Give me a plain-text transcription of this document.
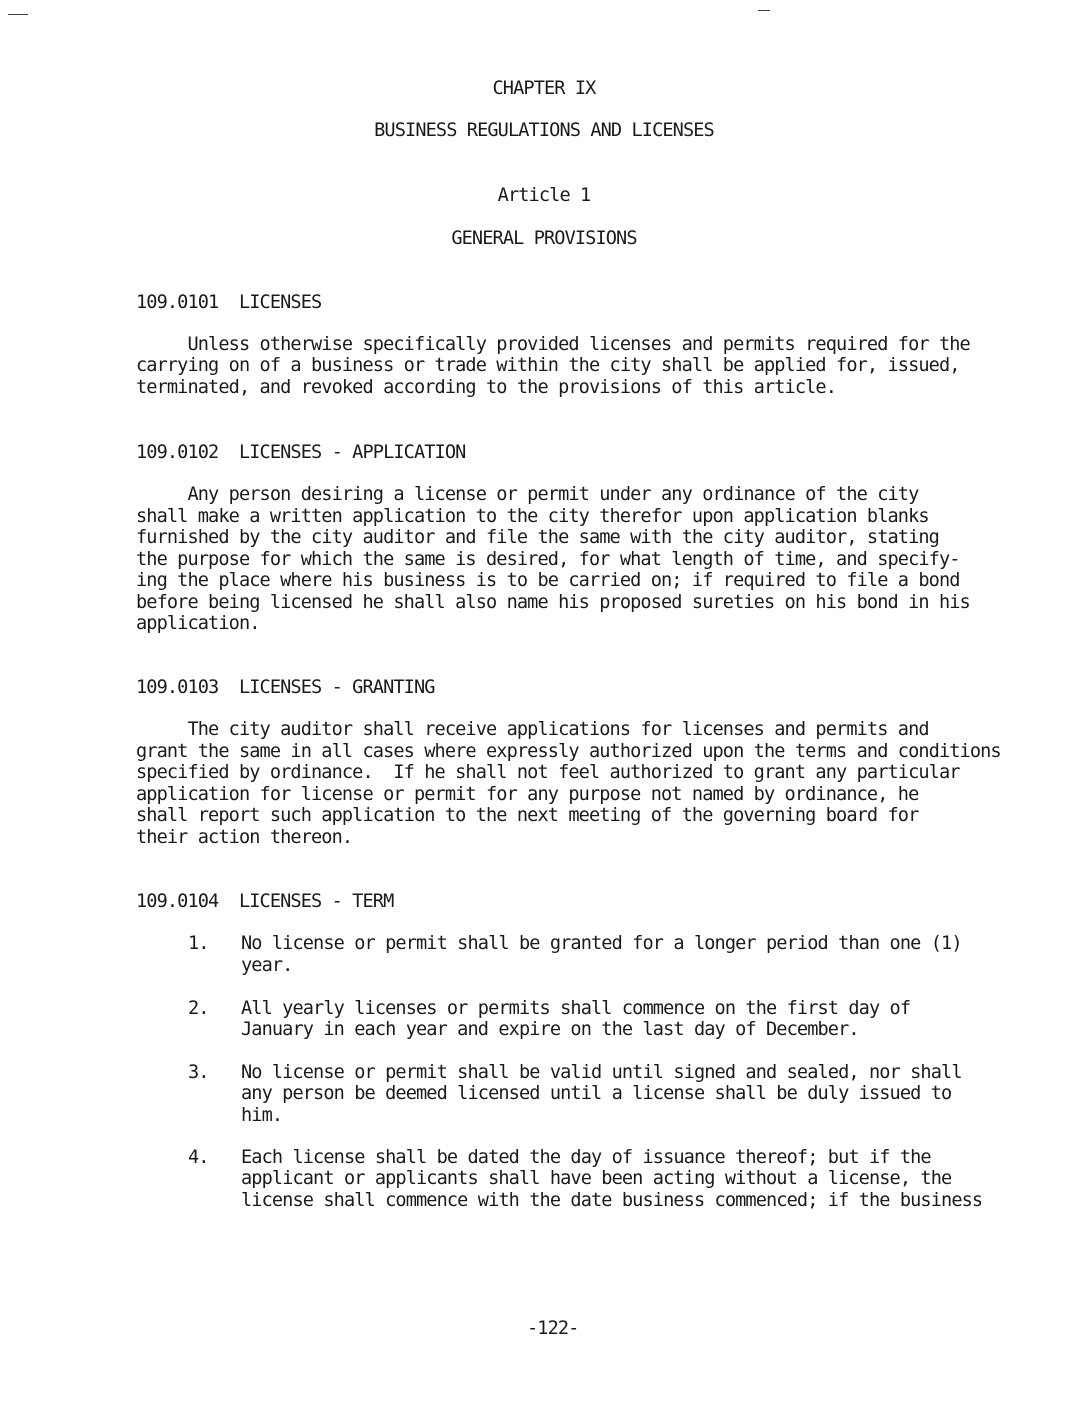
CHAPTER IX
BUSINESS REGULATIONS AND LICENSES
Article 1
GENERAL PROVISIONS
109.0101  LICENSES
Unless otherwise specifically provided licenses and permits required for the
carrying on of a business or trade within the city shall be applied for, issued,
terminated, and revoked according to the provisions of this article.
109.0102  LICENSES - APPLICATION
Any person desiring a license or permit under any ordinance of the city
shall make a written application to the city therefor upon application blanks
furnished by the city auditor and file the same with the city auditor, stating
the purpose for which the same is desired, for what length of time, and specify-
ing the place where his business is to be carried on; if required to file a bond
before being licensed he shall also name his proposed sureties on his bond in his
application.
109.0103  LICENSES - GRANTING
The city auditor shall receive applications for licenses and permits and
grant the same in all cases where expressly authorized upon the terms and conditions
specified by ordinance.  If he shall not feel authorized to grant any particular
application for license or permit for any purpose not named by ordinance, he
shall report such application to the next meeting of the governing board for
their action thereon.
109.0104  LICENSES - TERM
1. No license or permit shall be granted for a longer period than one (1)
year.
2. All yearly licenses or permits shall commence on the first day of
January in each year and expire on the last day of December.
3. No license or permit shall be valid until signed and sealed, nor shall
any person be deemed licensed until a license shall be duly issued to
him.
4. Each license shall be dated the day of issuance thereof; but if the
applicant or applicants shall have been acting without a license, the
license shall commence with the date business commenced; if the business
-122-
